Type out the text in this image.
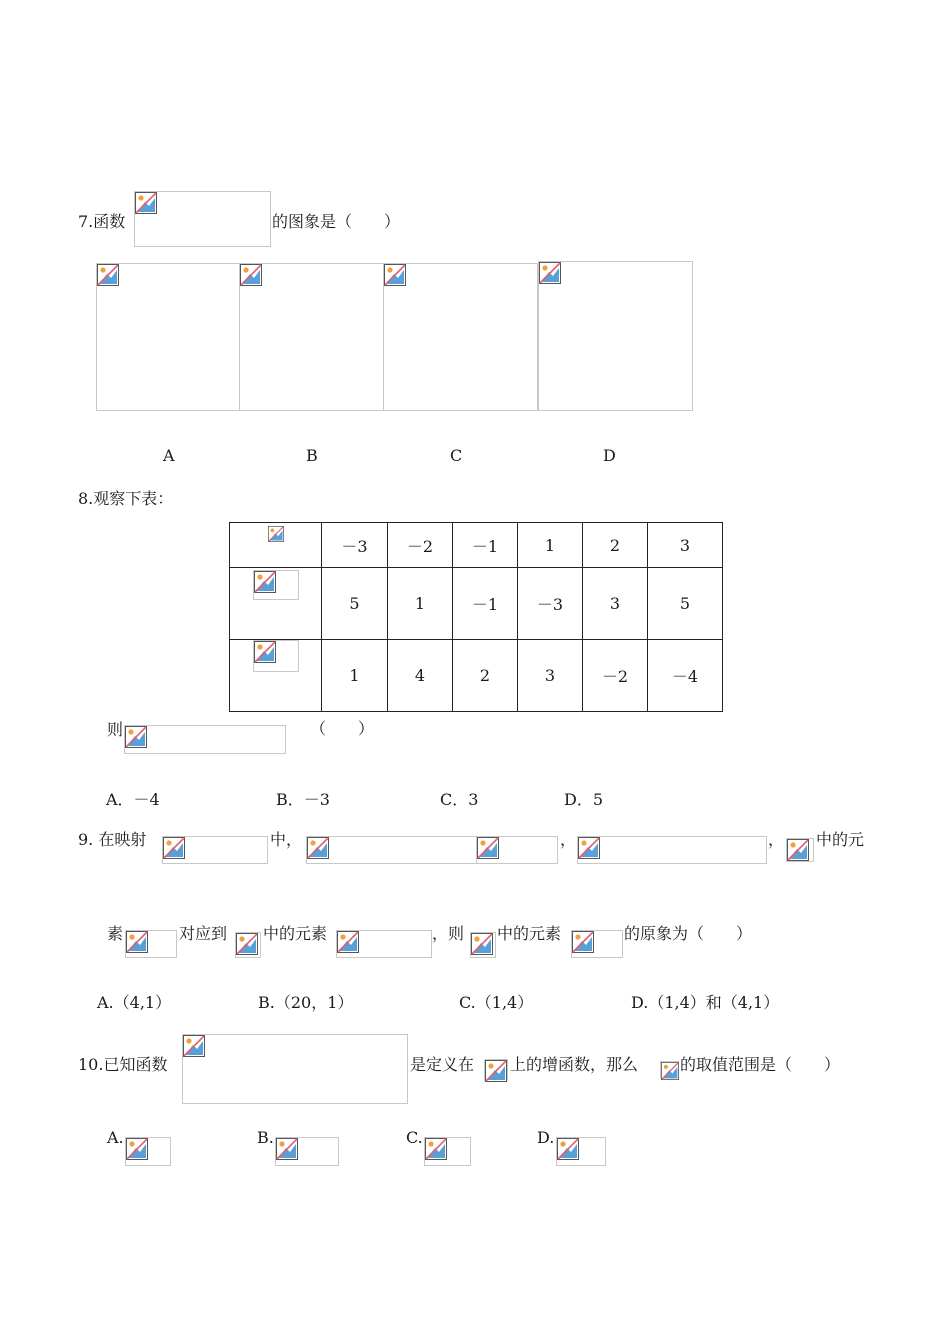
7.函数	的图象是（　　）
A	B	C	D
8.观察下表：
	－3	－2	－1	1	2	3

	5	1	－1	－3	3	5

	1	4	2	3	－2	－4
则	（　　）
A．－4	B．－3	C．3	D．5
9. 在映射	中，	，	， 中的元
素	对应到 中的元素	，则 中的元素	的原象为（　　）
A.（4,1）	B.（20，1）	C.（1,4）	D.（1,4）和（4,1）
10.已知函数	是定义在 上的增函数，那么	的取值范围是（　　）
A.	B.	C.	D.
